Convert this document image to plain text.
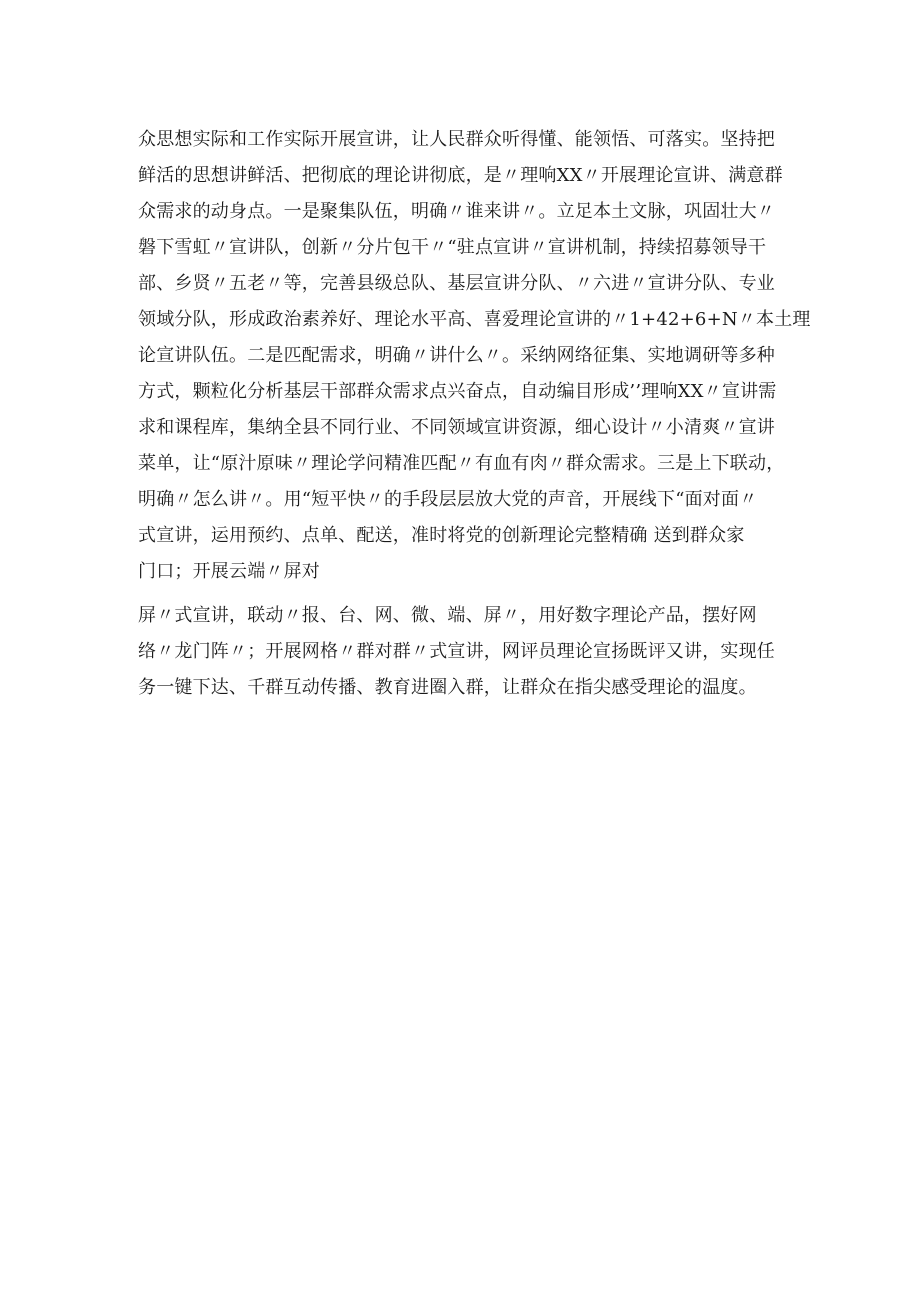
众思想实际和工作实际开展宣讲，让人民群众听得懂、能领悟、可落实。坚持把
鲜活的思想讲鲜活、把彻底的理论讲彻底，是〃理响XX〃开展理论宣讲、满意群
众需求的动身点。一是聚集队伍，明确〃谁来讲〃。立足本土文脉，巩固壮大〃
磐下雪虹〃宣讲队，创新〃分片包干〃“驻点宣讲〃宣讲机制，持续招募领导干
部、乡贤〃五老〃等，完善县级总队、基层宣讲分队、〃六进〃宣讲分队、专业
领域分队，形成政治素养好、理论水平高、喜爱理论宣讲的〃1+42+6+N〃本土理
论宣讲队伍。二是匹配需求，明确〃讲什么〃。采纳网络征集、实地调研等多种
方式，颗粒化分析基层干部群众需求点兴奋点，自动编目形成’’理响XX〃宣讲需
求和课程库，集纳全县不同行业、不同领域宣讲资源，细心设计〃小清爽〃宣讲
菜单，让“原汁原味〃理论学问精准匹配〃有血有肉〃群众需求。三是上下联动，
明确〃怎么讲〃。用“短平快〃的手段层层放大党的声音，开展线下“面对面〃
式宣讲，运用预约、点单、配送，准时将党的创新理论完整精确 送到群众家
门口；开展云端〃屏对
屏〃式宣讲，联动〃报、台、网、微、端、屏〃，用好数字理论产品，摆好网
络〃龙门阵〃；开展网格〃群对群〃式宣讲，网评员理论宣扬既评又讲，实现任
务一键下达、千群互动传播、教育进圈入群，让群众在指尖感受理论的温度。
